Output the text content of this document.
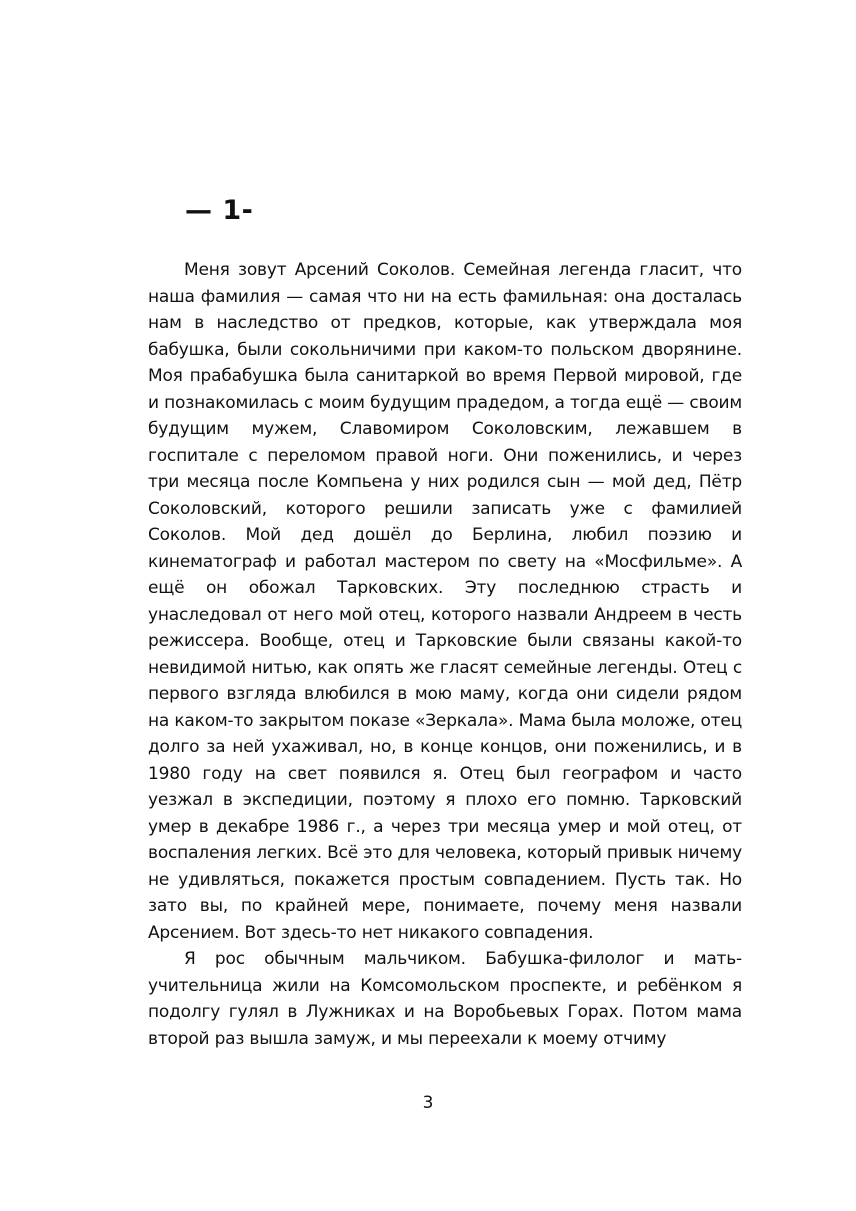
— 1-

Меня зовут Арсений Соколов. Семейная легенда гласит, что наша фамилия — самая что ни на есть фамильная: она досталась нам в наследство от предков, которые, как утверждала моя бабушка, были сокольничими при каком-то польском дворянине. Моя прабабушка была санитаркой во время Первой мировой, где и познакомилась с моим будущим прадедом, а тогда ещё — своим будущим мужем, Славомиром Соколовским, лежавшем в госпитале с переломом правой ноги. Они поженились, и через три месяца после Компьена у них родился сын — мой дед, Пётр Соколовский, которого решили записать уже с фамилией Соколов. Мой дед дошёл до Берлина, любил поэзию и кинематограф и работал мастером по свету на «Мосфильме». А ещё он обожал Тарковских. Эту последнюю страсть и унаследовал от него мой отец, которого назвали Андреем в честь режиссера. Вообще, отец и Тарковские были связаны какой-то невидимой нитью, как опять же гласят семейные легенды. Отец с первого взгляда влюбился в мою маму, когда они сидели рядом на каком-то закрытом показе «Зеркала». Мама была моложе, отец долго за ней ухаживал, но, в конце концов, они поженились, и в 1980 году на свет появился я. Отец был географом и часто уезжал в экспедиции, поэтому я плохо его помню. Тарковский умер в декабре 1986 г., а через три месяца умер и мой отец, от воспаления легких. Всё это для человека, который привык ничему не удивляться, покажется простым совпадением. Пусть так. Но зато вы, по крайней мере, понимаете, почему меня назвали Арсением. Вот здесь-то нет никакого совпадения.

Я рос обычным мальчиком. Бабушка-филолог и мать-учительница жили на Комсомольском проспекте, и ребёнком я подолгу гулял в Лужниках и на Воробьевых Горах. Потом мама второй раз вышла замуж, и мы переехали к моему отчиму

3
